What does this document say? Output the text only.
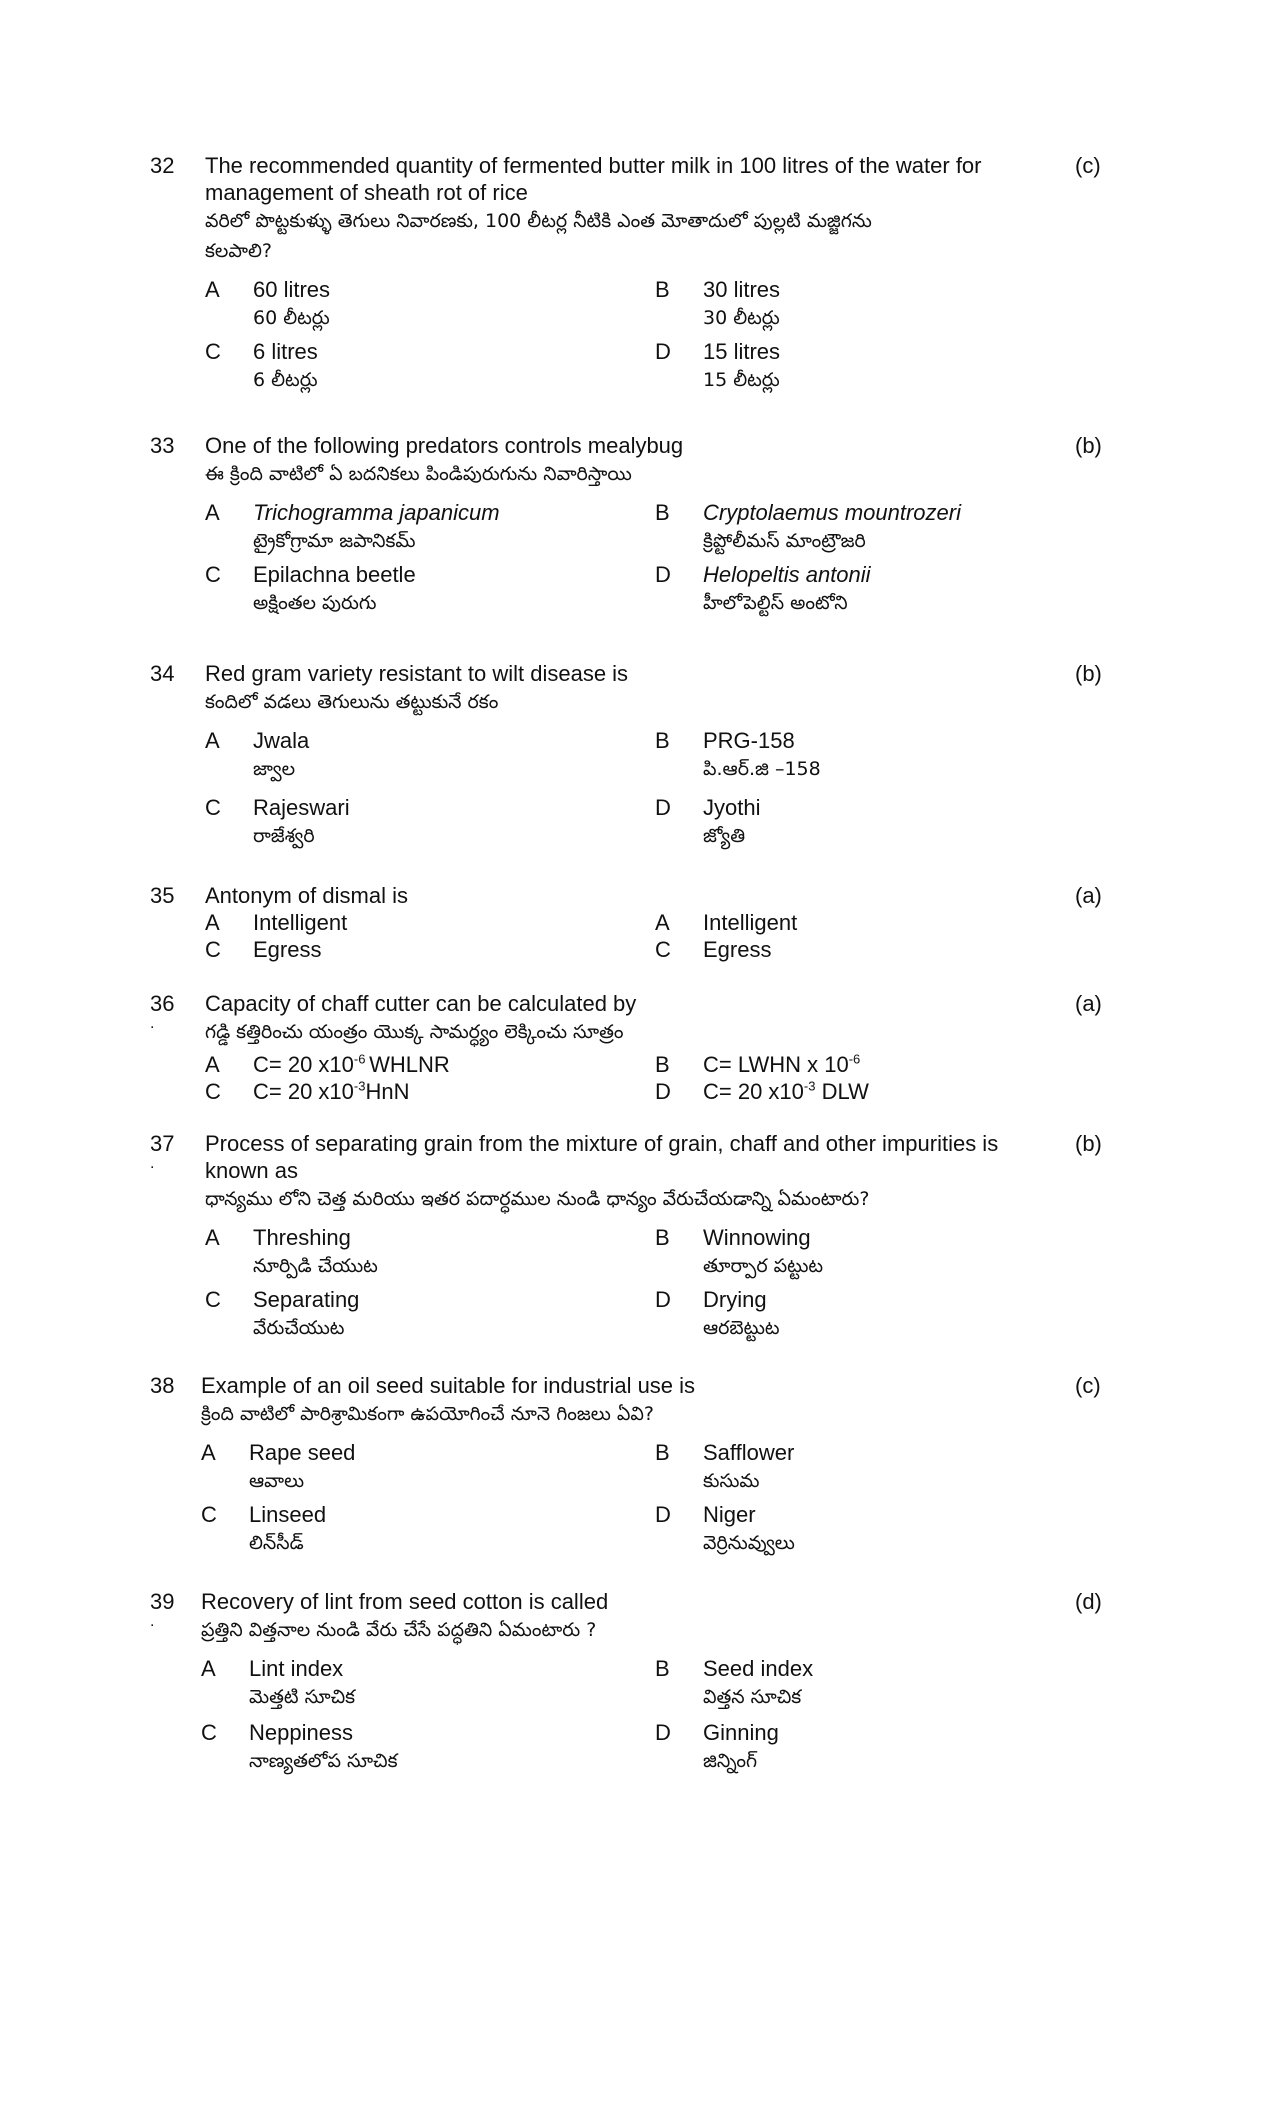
32	(c)
The recommended quantity of fermented butter milk in 100 litres of the water for management of sheath rot of rice
వరిలో పొట్టకుళ్ళు తెగులు నివారణకు, 100 లీటర్ల నీటికి ఎంత మోతాదులో పుల్లటి మజ్జిగను కలపాలి?
A	60 litres
60 లీటర్లు
B	30 litres
30 లీటర్లు
C	6 litres
6 లీటర్లు
D	15 litres
15 లీటర్లు
33	(b)
One of the following predators controls mealybug
ఈ క్రింది వాటిలో ఏ బదనికలు పిండిపురుగును నివారిస్తాయి
A	Trichogramma japanicum
ట్రైకోగ్రామా జపానికమ్
B	Cryptolaemus mountrozeri
క్రిప్టోలీమస్ మాంట్రౌజరి
C	Epilachna beetle
అక్షింతల పురుగు
D	Helopeltis antonii
హీలోపెల్టిస్ అంటోని
34	(b)
Red gram variety resistant to wilt disease is
కందిలో వడలు తెగులును తట్టుకునే రకం
A	Jwala
జ్వాల
B	PRG-158
పి.ఆర్.జి –158
C	Rajeswari
రాజేశ్వరి
D	Jyothi
జ్యోతి
35	(a)
Antonym of dismal is
A	Intelligent	A	Intelligent
C	Egress	C	Egress
36
.
(a)
Capacity of chaff cutter can be calculated by
గడ్డి కత్తిరించు యంత్రం యొక్క సామర్ధ్యం లెక్కించు సూత్రం
A	C= 20 $x10^{-6}$ WHLNR	B	C= LWHN x $10^{-6}$
C	C= 20 $x10^{-3}HnN$	D	C= 20 $x10^{-3}$ DLW
37
.
(b)
Process of separating grain from the mixture of grain, chaff and other impurities is known as
ధాన్యము లోని చెత్త మరియు ఇతర పదార్ధముల నుండి ధాన్యం వేరుచేయడాన్ని ఏమంటారు?
A	Threshing
నూర్పిడి చేయుట
B	Winnowing
తూర్పార పట్టుట
C	Separating
వేరుచేయుట
D	Drying
ఆరబెట్టుట
38	(c)
Example of an oil seed suitable for industrial use is
క్రింది వాటిలో పారిశ్రామికంగా ఉపయోగించే నూనె గింజలు ఏవి?
A	Rape seed
ఆవాలు
B	Safflower
కుసుమ
C	Linseed
లిన్‌సీడ్
D	Niger
వెర్రినువ్వులు
39
.
(d)
Recovery of lint from seed cotton is called
ప్రత్తిని విత్తనాల నుండి వేరు చేసే పద్ధతిని ఏమంటారు ?
A	Lint index
మెత్తటి సూచిక
B	Seed index
విత్తన సూచిక
C	Neppiness
నాణ్యతలోప సూచిక
D	Ginning
జిన్నింగ్
